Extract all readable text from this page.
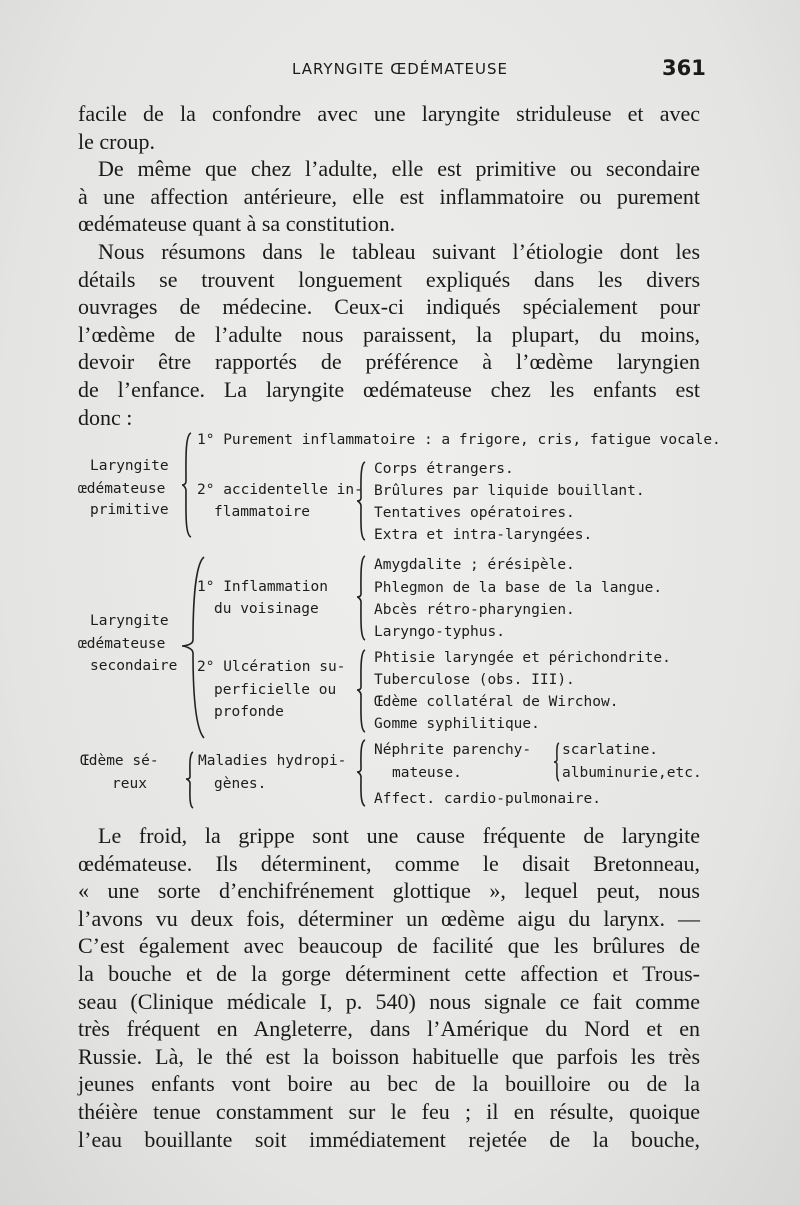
LARYNGITE ŒDÉMATEUSE	361
facile de la confondre avec une laryngite striduleuse et avec
le croup.
De même que chez l’adulte, elle est primitive ou secondaire
à une affection antérieure, elle est inflammatoire ou purement
œdémateuse quant à sa constitution.
Nous résumons dans le tableau suivant l’étiologie dont les
détails se trouvent longuement expliqués dans les divers
ouvrages de médecine. Ceux-ci indiqués spécialement pour
l’œdème de l’adulte nous paraissent, la plupart, du moins,
devoir être rapportés de préférence à l’œdème laryngien
de l’enfance. La laryngite œdémateuse chez les enfants est
donc :
Laryngite
œdémateuse
primitive
1° Purement inflammatoire : a frigore, cris, fatigue vocale.
2° accidentelle in-
flammatoire
Corps étrangers.
Brûlures par liquide bouillant.
Tentatives opératoires.
Extra et intra-laryngées.
Laryngite
œdémateuse
secondaire
1° Inflammation
du voisinage
Amygdalite ; érésipèle.
Phlegmon de la base de la langue.
Abcès rétro-pharyngien.
Laryngo-typhus.
2° Ulcération su-
perficielle ou
profonde
Phtisie laryngée et périchondrite.
Tuberculose (obs. III).
Œdème collatéral de Wirchow.
Gomme syphilitique.
Œdème sé-
reux
Maladies hydropi-
gènes.
Néphrite parenchy-
mateuse.
Affect. cardio-pulmonaire.
scarlatine.
albuminurie,etc.
Le froid, la grippe sont une cause fréquente de laryngite
œdémateuse. Ils déterminent, comme le disait Bretonneau,
« une sorte d’enchifrénement glottique », lequel peut, nous
l’avons vu deux fois, déterminer un œdème aigu du larynx. —
C’est également avec beaucoup de facilité que les brûlures de
la bouche et de la gorge déterminent cette affection et Trous-
seau (Clinique médicale I, p. 540) nous signale ce fait comme
très fréquent en Angleterre, dans l’Amérique du Nord et en
Russie. Là, le thé est la boisson habituelle que parfois les très
jeunes enfants vont boire au bec de la bouilloire ou de la
théière tenue constamment sur le feu ; il en résulte, quoique
l’eau bouillante soit immédiatement rejetée de la bouche,
